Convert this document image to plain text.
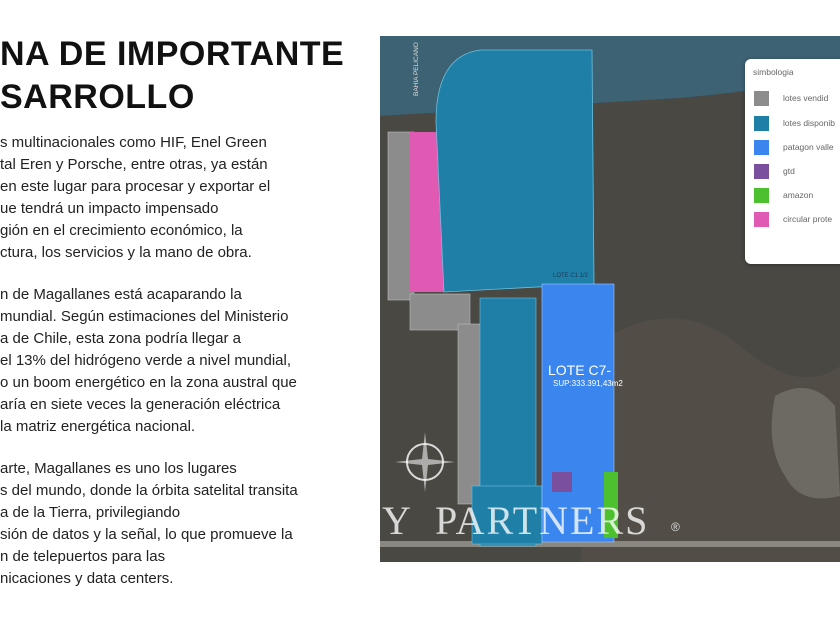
NA DE IMPORTANTE
SARROLLO

s multinacionales como HIF, Enel Green
tal Eren y Porsche, entre otras, ya están
en este lugar para procesar y exportar el
ue tendrá un impacto impensado
gión en el crecimiento económico, la
ctura, los servicios y la mano de obra.

n de Magallanes está acaparando la
mundial. Según estimaciones del Ministerio
a de Chile, esta zona podría llegar a
el 13% del hidrógeno verde a nivel mundial,
o un boom energético en la zona austral que
aría en siete veces la generación eléctrica
la matriz energética nacional.

arte, Magallanes es uno los lugares
s del mundo, donde la órbita satelital transita
a de la Tierra, privilegiando
sión de datos y la señal, lo que promueve la
n de telepuertos para las
nicaciones y data centers.

BAHIA PELICANO
LOTE C1 1/2
LOTE C7-
SUP:333.391,43m2
Y PARTNERS ®
simbologia
lotes vendid
lotes disponib
patagon valle
gtd
amazon
circular prote
